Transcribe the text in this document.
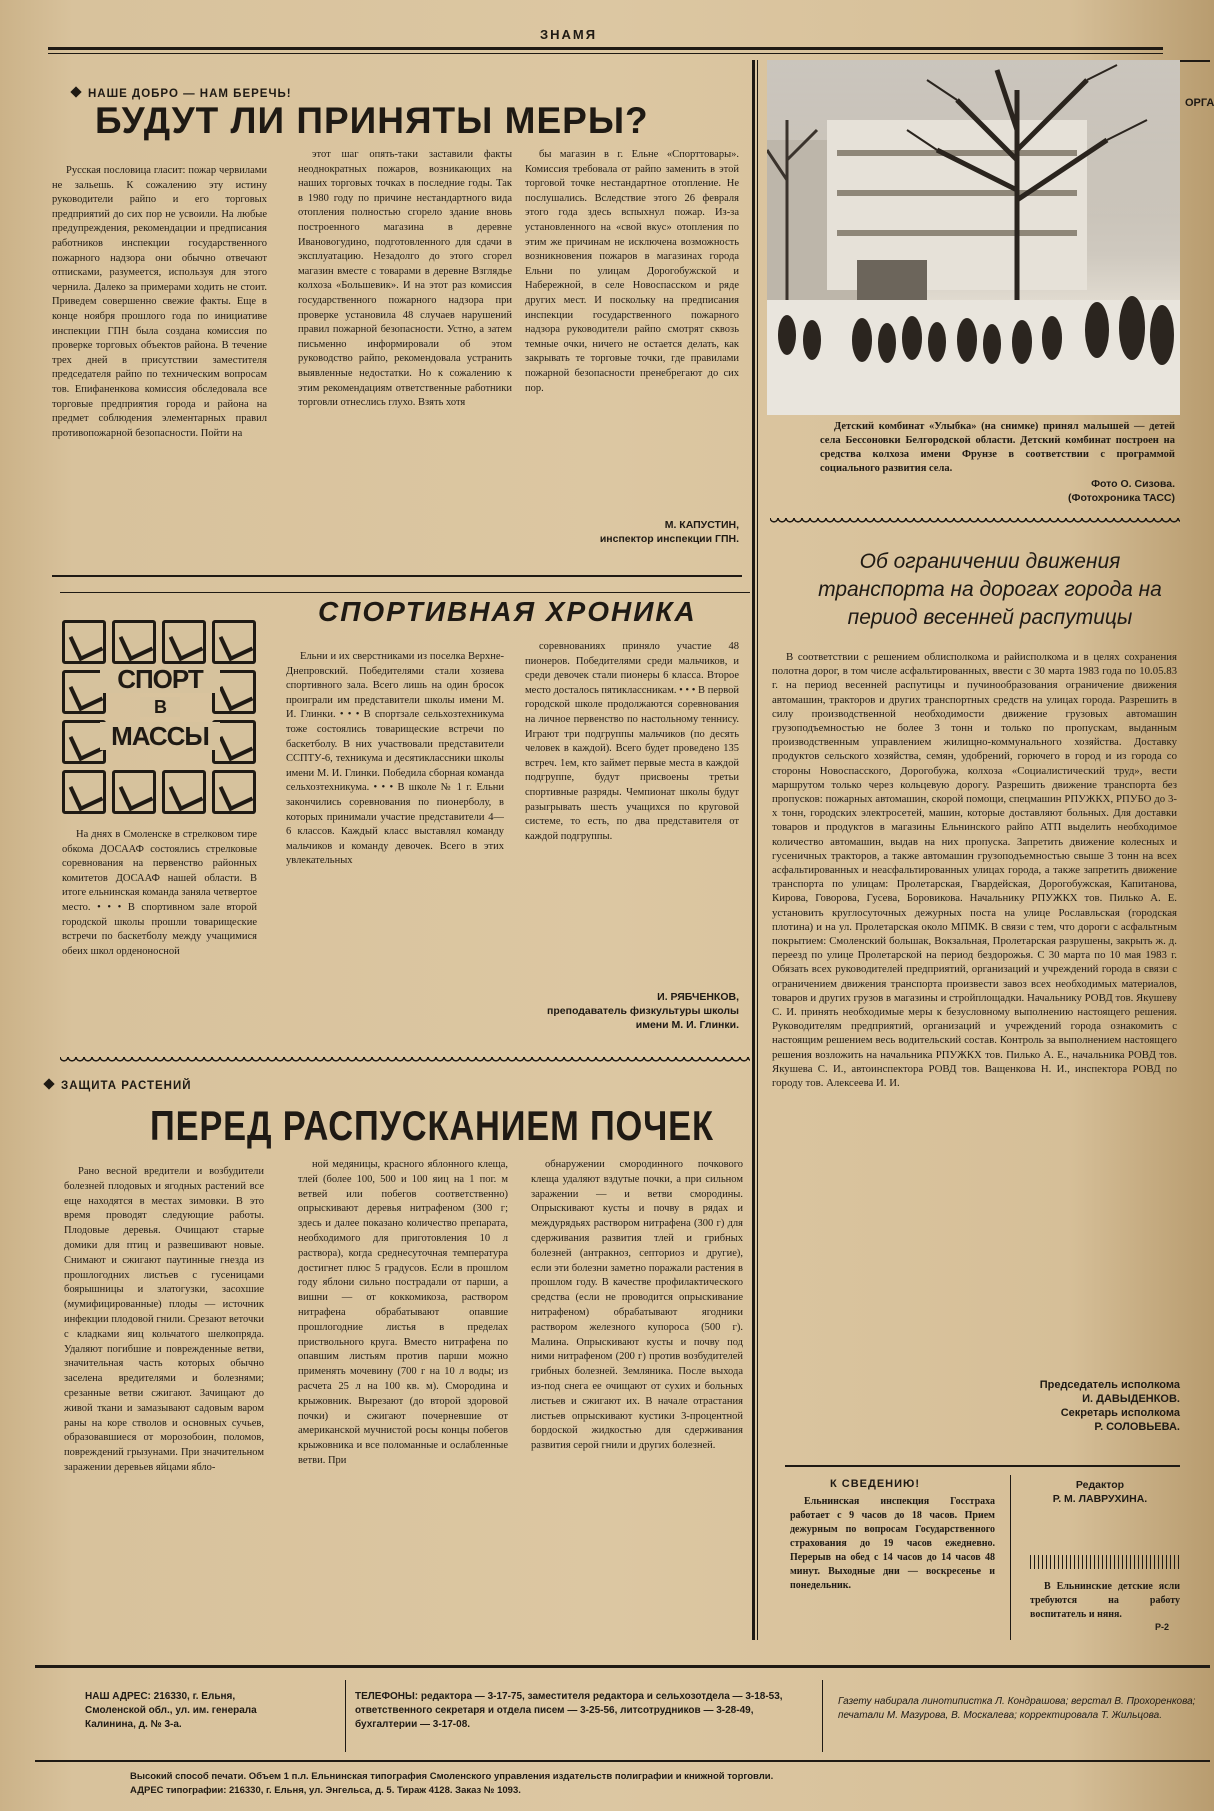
ЗНАМЯ
ОРГА
НАШЕ ДОБРО — НАМ БЕРЕЧЬ!
БУДУТ ЛИ ПРИНЯТЫ МЕРЫ?

Русская пословица гласит: пожар червилами не зальешь. К сожалению эту истину руководители райпо и его торговых предприятий до сих пор не усвоили. На любые предупреждения, рекомендации и предписания работников инспекции государственного пожарного надзора они обычно отвечают отписками, разумеется, используя для этого чернила. Далеко за примерами ходить не стоит. Приведем совершенно свежие факты. Еще в конце ноября прошлого года по инициативе инспекции ГПН была создана комиссия по проверке торговых объектов района. В течение трех дней в присутствии заместителя председателя райпо по техническим вопросам тов. Епифаненкова комиссия обследовала все торговые предприятия города и района на предмет соблюдения элементарных правил противопожарной безопасности. Пойти на

этот шаг опять-таки заставили факты неоднократных пожаров, возникающих на наших торговых точках в последние годы. Так в 1980 году по причине нестандартного вида отопления полностью сгорело здание вновь построенного магазина в деревне Ивановогудино, подготовленного для сдачи в эксплуатацию. Незадолго до этого сгорел магазин вместе с товарами в деревне Взглядье колхоза «Большевик». И на этот раз комиссия государственного пожарного надзора при проверке установила 48 случаев нарушений правил пожарной безопасности. Устно, а затем письменно информировали об этом руководство райпо, рекомендовала устранить выявленные недостатки. Но к сожалению к этим рекомендациям ответственные работники торговли отнеслись глухо. Взять хотя

бы магазин в г. Ельне «Спорттовары». Комиссия требовала от райпо заменить в этой торговой точке нестандартное отопление. Не послушались. Вследствие этого 26 февраля этого года здесь вспыхнул пожар. Из-за установленного на «свой вкус» отопления по этим же причинам не исключена возможность возникновения пожаров в магазинах города Ельни по улицам Дорогобужской и Набережной, в селе Новоспасском и ряде других мест. И поскольку на предписания инспекции государственного пожарного надзора руководители райпо смотрят сквозь темные очки, ничего не остается делать, как закрывать те торговые точки, где правилами пожарной безопасности пренебрегают до сих пор.

М. КАПУСТИН,
инспектор инспекции ГПН.

Детский комбинат «Улыбка» (на снимке) принял малышей — детей села Бессоновки Белгородской области. Детский комбинат построен на средства колхоза имени Фрунзе в соответствии с программой социального развития села.

Фото О. Сизова.
(Фотохроника ТАСС)
Об ограничении движения транспорта на дорогах города на период весенней распутицы

В соответствии с решением облисполкома и райисполкома и в целях сохранения полотна дорог, в том числе асфальтированных, ввести с 30 марта 1983 года по 10.05.83 г. на период весенней распутицы и пучинообразования ограничение движения автомашин, тракторов и других транспортных средств на улицах города. Разрешить в силу производственной необходимости движение грузовых автомашин грузоподъемностью не более 3 тонн и только по пропускам, выданным производственным управлением жилищно-коммунального хозяйства. Доставку продуктов сельского хозяйства, семян, удобрений, горючего в город и из города со стороны Новоспасского, Дорогобужа, колхоза «Социалистический труд», вести маршрутом только через кольцевую дорогу. Разрешить движение транспорта без пропусков: пожарных автомашин, скорой помощи, спецмашин РПУЖКХ, РПУБО до 3-х тонн, городских электросетей, машин, которые доставляют больных. Для доставки товаров и продуктов в магазины Ельнинского райпо АТП выделить необходимое количество автомашин, выдав на них пропуска. Запретить движение колесных и гусеничных тракторов, а также автомашин грузоподъемностью свыше 3 тонн на всех асфальтированных и неасфальтированных улицах города, а также запретить движение транспорта по улицам: Пролетарская, Гвардейская, Дорогобужская, Капитанова, Кирова, Говорова, Гусева, Боровикова. Начальнику РПУЖКХ тов. Пилько А. Е. установить круглосуточных дежурных поста на улице Рославльская (городская плотина) и на ул. Пролетарская около МПМК. В связи с тем, что дороги с асфальтным покрытием: Смоленский большак, Вокзальная, Пролетарская разрушены, закрыть ж. д. переезд по улице Пролетарской на период бездорожья. С 30 марта по 10 мая 1983 г. Обязать всех руководителей предприятий, организаций и учреждений города в связи с ограничением движения транспорта произвести завоз всех необходимых материалов, товаров и других грузов в магазины и стройплощадки. Начальнику РОВД тов. Якушеву С. И. принять необходимые меры к безусловному выполнению настоящего решения. Руководителям предприятий, организаций и учреждений города ознакомить с настоящим решением весь водительский состав. Контроль за выполнением настоящего решения возложить на начальника РПУЖКХ тов. Пилько А. Е., начальника РОВД тов. Якушева С. И., автоинспектора РОВД тов. Ващенкова Н. И., инспектора РОВД по городу тов. Алексеева И. И.

Председатель исполкома
И. ДАВЫДЕНКОВ.
Секретарь исполкома
Р. СОЛОВЬЕВА.
СПОРТИВНАЯ ХРОНИКА
СПОРТ
В
МАССЫ

На днях в Смоленске в стрелковом тире обкома ДОСААФ состоялись стрелковые соревнования на первенство районных комитетов ДОСААФ нашей области. В итоге ельнинская команда заняла четвертое место. • • • В спортивном зале второй городской школы прошли товарищеские встречи по баскетболу между учащимися обеих школ орденоносной

Ельни и их сверстниками из поселка Верхне-Днепровский. Победителями стали хозяева спортивного зала. Всего лишь на один бросок проиграли им представители школы имени М. И. Глинки. • • • В спортзале сельхозтехникума тоже состоялись товарищеские встречи по баскетболу. В них участвовали представители ССПТУ-6, техникума и десятиклассники школы имени М. И. Глинки. Победила сборная команда сельхозтехникума. • • • В школе № 1 г. Ельни закончились соревнования по пионерболу, в которых принимали участие представители 4—6 классов. Каждый класс выставлял команду мальчиков и команду девочек. Всего в этих увлекательных

соревнованиях приняло участие 48 пионеров. Победителями среди мальчиков, и среди девочек стали пионеры 6 класса. Второе место досталось пятиклассникам. • • • В первой городской школе продолжаются соревнования на личное первенство по настольному теннису. Играют три подгруппы мальчиков (по десять человек в каждой). Всего будет проведено 135 встреч. 1ем, кто займет первые места в каждой подгруппе, будут присвоены третьи спортивные разряды. Чемпионат школы будут разыгрывать шесть учащихся по круговой системе, то есть, по два представителя от каждой подгруппы.

И. РЯБЧЕНКОВ,
преподаватель физкультуры школы имени М. И. Глинки.
ЗАЩИТА РАСТЕНИЙ
ПЕРЕД РАСПУСКАНИЕМ ПОЧЕК

Рано весной вредители и возбудители болезней плодовых и ягодных растений все еще находятся в местах зимовки. В это время проводят следующие работы. Плодовые деревья. Очищают старые домики для птиц и развешивают новые. Снимают и сжигают паутинные гнезда из прошлогодних листьев с гусеницами боярышницы и златогузки, засохшие (мумифицированные) плоды — источник инфекции плодовой гнили. Срезают веточки с кладками яиц кольчатого шелкопряда. Удаляют погибшие и поврежденные ветви, значительная часть которых обычно заселена вредителями и болезнями; срезанные ветви сжигают. Зачищают до живой ткани и замазывают садовым варом раны на коре стволов и основных сучьев, образовавшиеся от морозобоин, поломов, повреждений грызунами. При значительном заражении деревьев яйцами ябло-

ной медяницы, красного яблонного клеща, тлей (более 100, 500 и 100 яиц на 1 пог. м ветвей или побегов соответственно) опрыскивают деревья нитрафеном (300 г; здесь и далее показано количество препарата, необходимого для приготовления 10 л раствора), когда среднесуточная температура достигнет плюс 5 градусов. Если в прошлом году яблони сильно пострадали от парши, а вишни — от коккомикоза, раствором нитрафена обрабатывают опавшие прошлогодние листья в пределах приствольного круга. Вместо нитрафена по опавшим листьям против парши можно применять мочевину (700 г на 10 л воды; из расчета 25 л на 100 кв. м). Смородина и крыжовник. Вырезают (до второй здоровой почки) и сжигают почерневшие от американской мучнистой росы концы побегов крыжовника и все поломанные и ослабленные ветви. При

обнаружении смородинного почкового клеща удаляют вздутые почки, а при сильном заражении — и ветви смородины. Опрыскивают кусты и почву в рядах и междурядьях раствором нитрафена (300 г) для сдерживания развития тлей и грибных болезней (антракноз, септориоз и другие), если эти болезни заметно поражали растения в прошлом году. В качестве профилактического средства (если не проводится опрыскивание нитрафеном) обрабатывают ягодники раствором железного купороса (500 г). Малина. Опрыскивают кусты и почву под ними нитрафеном (200 г) против возбудителей грибных болезней. Земляника. После выхода из-под снега ее очищают от сухих и больных листьев и сжигают их. В начале отрастания листьев опрыскивают кустики 3-процентной бордоской жидкостью для сдерживания развития серой гнили и других болезней.

К СВЕДЕНИЮ!

Ельнинская инспекция Госстраха работает с 9 часов до 18 часов. Прием дежурным по вопросам Государственного страхования до 19 часов ежедневно. Перерыв на обед с 14 часов до 14 часов 48 минут. Выходные дни — воскресенье и понедельник.

Редактор
Р. М. ЛАВРУХИНА.

В Ельнинские детские ясли требуются на работу воспитатель и няня.

Р-2
НАШ АДРЕС: 216330, г. Ельня, Смоленской обл., ул. им. генерала Калинина, д. № 3-а.
ТЕЛЕФОНЫ: редактора — 3-17-75, заместителя редактора и сельхозотдела — 3-18-53, ответственного секретаря и отдела писем — 3-25-56, литсотрудников — 3-28-49, бухгалтерии — 3-17-08.
Газету набирала линотипистка Л. Кондрашова; верстал В. Прохоренкова; печатали М. Мазурова, В. Москалева; корректировала Т. Жильцова.
Высокий способ печати. Объем 1 п.л. Ельнинская типография Смоленского управления издательств полиграфии и книжной торговли.
АДРЕС типографии: 216330, г. Ельня, ул. Энгельса, д. 5. Тираж 4128. Заказ № 1093.
